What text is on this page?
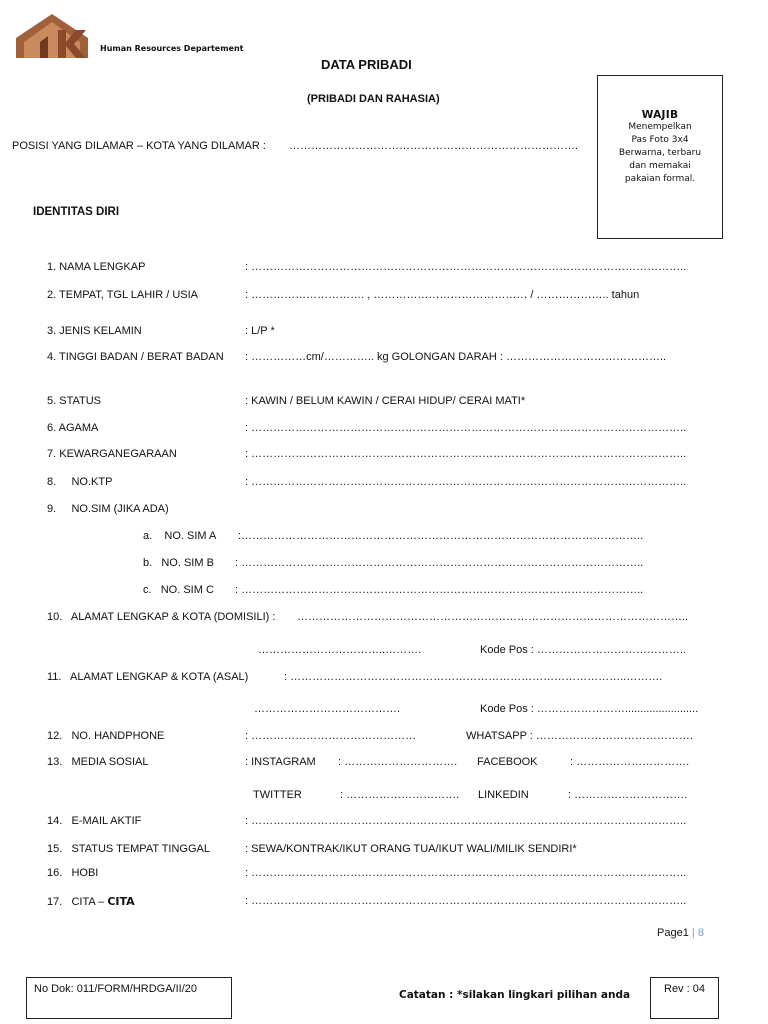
Human Resources Departement
DATA PRIBADI
(PRIBADI DAN RAHASIA)
WAJIB
Menempelkan
Pas Foto 3x4
Berwarna, terbaru
dan memakai
pakaian formal.
POSISI YANG DILAMAR – KOTA YANG DILAMAR : …………………………………………………………………….
IDENTITAS DIRI
1. NAMA LENGKAP	: ………………………………………………………………………………………………………..
2. TEMPAT, TGL LAHIR / USIA	: …………………………. , …………………………………… / ……………….. tahun
3. JENIS KELAMIN	: L/P *
4. TINGGI BADAN / BERAT BADAN : ……………cm/………….. kg GOLONGAN DARAH : ……………………………………..
5. STATUS	: KAWIN / BELUM KAWIN / CERAI HIDUP/ CERAI MATI*
6. AGAMA	: ………………………………………………………………………………………………………..
7. KEWARGANEGARAAN	: ………………………………………………………………………………………………………..
8.     NO.KTP	: ………………………………………………………………………………………………………..
9.     NO.SIM (JIKA ADA)
a.    NO. SIM A :………………………………………………………………………………………………..
b.   NO. SIM B : ………………………………………………………………………………………………..
c.   NO. SIM C : ………………………………………………………………………………………………..
10.   ALAMAT LENGKAP & KOTA (DOMISILI) : ……………………………………………………………………………………………..
……………………………..……….	Kode Pos : …………………………………..
11.   ALAMAT LENGKAP & KOTA (ASAL)	: ………………………………………………………………………………..……….
………………………………….	Kode Pos : ……………………........................
12.   NO. HANDPHONE	: ………………………………………	WHATSAPP : …………………………………….
13.   MEDIA SOSIAL	: INSTAGRAM : …………………………. FACEBOOK	: ………………………….
TWITTER	: …………………………. LINKEDIN	: ………………………….
14.   E-MAIL AKTIF	: ………………………………………………………………………………………………………..
15.   STATUS TEMPAT TINGGAL	: SEWA/KONTRAK/IKUT ORANG TUA/IKUT WALI/MILIK SENDIRI*
16.   HOBI	: ………………………………………………………………………………………………………..
17.   CITA – CITA	: ………………………………………………………………………………………………………..
Page1 | 8
No Dok: 011/FORM/HRDGA/II/20	Catatan : *silakan lingkari pilihan anda	Rev : 04
